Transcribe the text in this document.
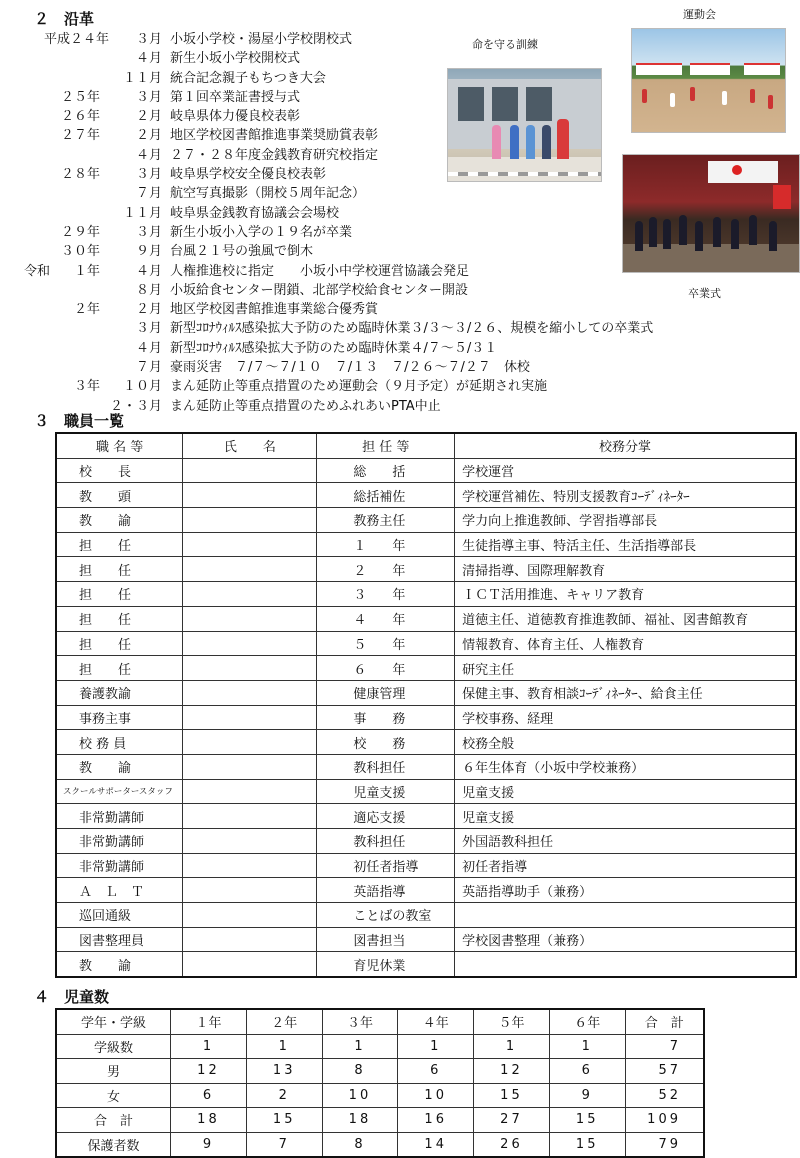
２　沿革
平成２４年	３月 小坂小学校・湯屋小学校閉校式
４月 新生小坂小学校開校式
１１月 統合記念親子もちつき大会
２５年	３月 第１回卒業証書授与式
２６年	２月 岐阜県体力優良校表彰
２７年	２月 地区学校図書館推進事業奨励賞表彰
４月 ２７・２８年度金銭教育研究校指定
２８年	３月 岐阜県学校安全優良校表彰
７月 航空写真撮影（開校５周年記念）
１１月 岐阜県金銭教育協議会会場校
２９年	３月 新生小坂小入学の１９名が卒業
３０年	９月 台風２１号の強風で倒木
令和	１年	４月 人権推進校に指定　　小坂小中学校運営協議会発足
８月 小坂給食センター閉鎖、北部学校給食センター開設
２年	２月 地区学校図書館推進事業総合優秀賞
３月 新型ｺﾛﾅｳｨﾙｽ感染拡大予防のため臨時休業３/３～３/２６、規模を縮小しての卒業式
４月 新型ｺﾛﾅｳｨﾙｽ感染拡大予防のため臨時休業４/７～５/３１
７月 豪雨災害　７/７～７/１０　７/１３　７/２６～７/２７　休校
３年	１０月 まん延防止等重点措置のため運動会（９月予定）が延期され実施
２・３月 まん延防止等重点措置のためふれあいPTA中止
命を守る訓練
運動会
卒業式
３　職員一覧
職 名 等	氏　　名	担 任 等	校務分掌
校　　長		総　　括	学校運営
教　　頭		総括補佐	学校運営補佐、特別支援教育ｺｰﾃﾞｨﾈｰﾀｰ
教　　諭		教務主任	学力向上推進教師、学習指導部長
担　　任		１　　年	生徒指導主事、特活主任、生活指導部長
担　　任		２　　年	清掃指導、国際理解教育
担　　任		３　　年	ＩＣＴ活用推進、キャリア教育
担　　任		４　　年	道徳主任、道徳教育推進教師、福祉、図書館教育
担　　任		５　　年	情報教育、体育主任、人権教育
担　　任		６　　年	研究主任
養護教諭		健康管理	保健主事、教育相談ｺｰﾃﾞｨﾈｰﾀｰ、給食主任
事務主事		事　　務	学校事務、経理
校 務 員		校　　務	校務全般
教　　諭		教科担任	６年生体育（小坂中学校兼務）
スクールサポータースタッフ		児童支援	児童支援
非常勤講師		適応支援	児童支援
非常勤講師		教科担任	外国語教科担任
非常勤講師		初任者指導	初任者指導
Ａ　Ｌ　Ｔ		英語指導	英語指導助手（兼務）
巡回通級		ことばの教室	
図書整理員		図書担当	学校図書整理（兼務）
教　　諭		育児休業	
４　児童数
学年・学級	１年	２年	３年	４年	５年	６年	合　計
学級数	1	1	1	1	1	1	7
男	12	13	8	6	12	6	57
女	6	2	10	10	15	9	52
合　計	18	15	18	16	27	15	109
保護者数	9	7	8	14	26	15	79
